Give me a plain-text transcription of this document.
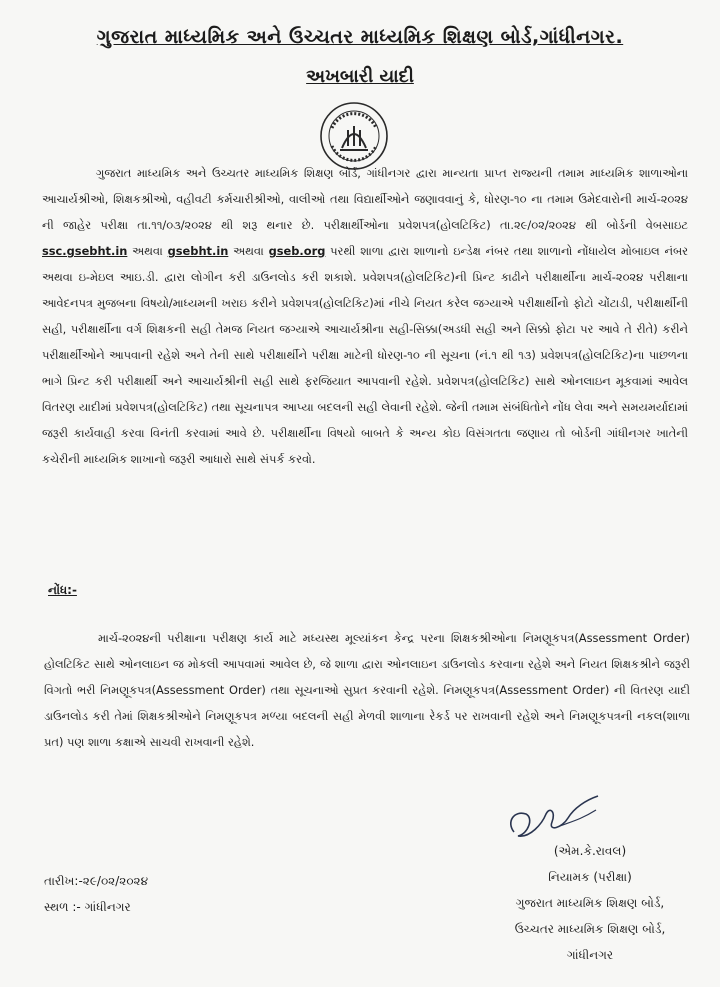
ગુજરાત માધ્યમિક અને ઉચ્ચતર માધ્યમિક શિક્ષણ બોર્ડ,ગાંધીનગર.
અખબારી યાદી
ગુજરાત માધ્યમિક અને ઉચ્ચતર માધ્યમિક શિક્ષણ બોર્ડ, ગાંધીનગર દ્વારા માન્યતા પ્રાપ્ત રાજ્યની તમામ માધ્યમિક શાળાઓના આચાર્યશ્રીઓ, શિક્ષકશ્રીઓ, વહીવટી કર્મચારીશ્રીઓ, વાલીઓ તથા વિદ્યાર્થીઓને જણાવવાનું કે, ધોરણ-૧૦ ના તમામ ઉમેદવારોની માર્ચ-૨૦૨૪ ની જાહેર પરીક્ષા તા.૧૧/૦૩/૨૦૨૪ થી શરૂ થનાર છે. પરીક્ષાર્થીઓના પ્રવેશપત્ર(હોલટિકિટ) તા.૨૯/૦૨/૨૦૨૪ થી બોર્ડની વેબસાઇટ ssc.gsebht.in અથવા gsebht.in અથવા gseb.org પરથી શાળા દ્વારા શાળાનો ઇન્ડેક્ષ નંબર તથા શાળાનો નોંધાયેલ મોબાઇલ નંબર અથવા ઇ-મેઇલ આઇ.ડી. દ્વારા લોગીન કરી ડાઉનલોડ કરી શકાશે. પ્રવેશપત્ર(હોલટિકિટ)ની પ્રિન્ટ કાઢીને પરીક્ષાર્થીના માર્ચ-૨૦૨૪ પરીક્ષાના આવેદનપત્ર મુજબના વિષયો/માધ્યમની ખરાઇ કરીને પ્રવેશપત્ર(હોલટિકિટ)માં નીચે નિયત કરેલ જગ્યાએ પરીક્ષાર્થીનો ફોટો ચોંટાડી, પરીક્ષાર્થીની સહી, પરીક્ષાર્થીના વર્ગ શિક્ષકની સહી તેમજ નિયત જગ્યાએ આચાર્યશ્રીના સહી-સિક્કા(અડધી સહી અને સિક્કો ફોટા પર આવે તે રીતે) કરીને પરીક્ષાર્થીઓને આપવાની રહેશે અને તેની સાથે પરીક્ષાર્થીને પરીક્ષા માટેની ધોરણ-૧૦ ની સૂચના (નં.૧ થી ૧૩) પ્રવેશપત્ર(હોલટિકિટ)ના પાછળના ભાગે પ્રિન્ટ કરી પરીક્ષાર્થી અને આચાર્યશ્રીની સહી સાથે ફરજિયાત આપવાની રહેશે. પ્રવેશપત્ર(હોલટિકિટ) સાથે ઓનલાઇન મૂકવામાં આવેલ વિતરણ યાદીમાં પ્રવેશપત્ર(હોલટિકિટ) તથા સૂચનાપત્ર આપ્યા બદલની સહી લેવાની રહેશે. જેની તમામ સંબંધિતોને નોંધ લેવા અને સમયમર્યાદામાં જરૂરી કાર્યવાહી કરવા વિનંતી કરવામાં આવે છે. પરીક્ષાર્થીના વિષયો બાબતે કે અન્ય કોઇ વિસંગતતા જણાય તો બોર્ડની ગાંધીનગર ખાતેની કચેરીની માધ્યમિક શાખાનો જરૂરી આધારો સાથે સંપર્ક કરવો.
નોંધ:-
માર્ચ-૨૦૨૪ની પરીક્ષાના પરીક્ષણ કાર્ય માટે મધ્યસ્થ મૂલ્યાંકન કેન્દ્ર પરના શિક્ષકશ્રીઓના નિમણૂકપત્ર(Assessment Order) હોલટિકિટ સાથે ઓનલાઇન જ મોકલી આપવામાં આવેલ છે, જે શાળા દ્વારા ઓનલાઇન ડાઉનલોડ કરવાના રહેશે અને નિયત શિક્ષકશ્રીને જરૂરી વિગતો ભરી નિમણૂકપત્ર(Assessment Order) તથા સૂચનાઓ સુપ્રત કરવાની રહેશે. નિમણૂકપત્ર(Assessment Order) ની વિતરણ યાદી ડાઉનલોડ કરી તેમાં શિક્ષકશ્રીઓને નિમણૂકપત્ર મળ્યા બદલની સહી મેળવી શાળાના રેકર્ડ પર રાખવાની રહેશે અને નિમણૂકપત્રની નકલ(શાળા પ્રત) પણ શાળા કક્ષાએ સાચવી રાખવાની રહેશે.
(એમ.કે.રાવલ)
નિયામક (પરીક્ષા)
ગુજરાત માધ્યમિક શિક્ષણ બોર્ડ,
ઉચ્ચતર માધ્યમિક શિક્ષણ બોર્ડ,
ગાંધીનગર
તારીખ:-૨૯/૦૨/૨૦૨૪
સ્થળ :- ગાંધીનગર
